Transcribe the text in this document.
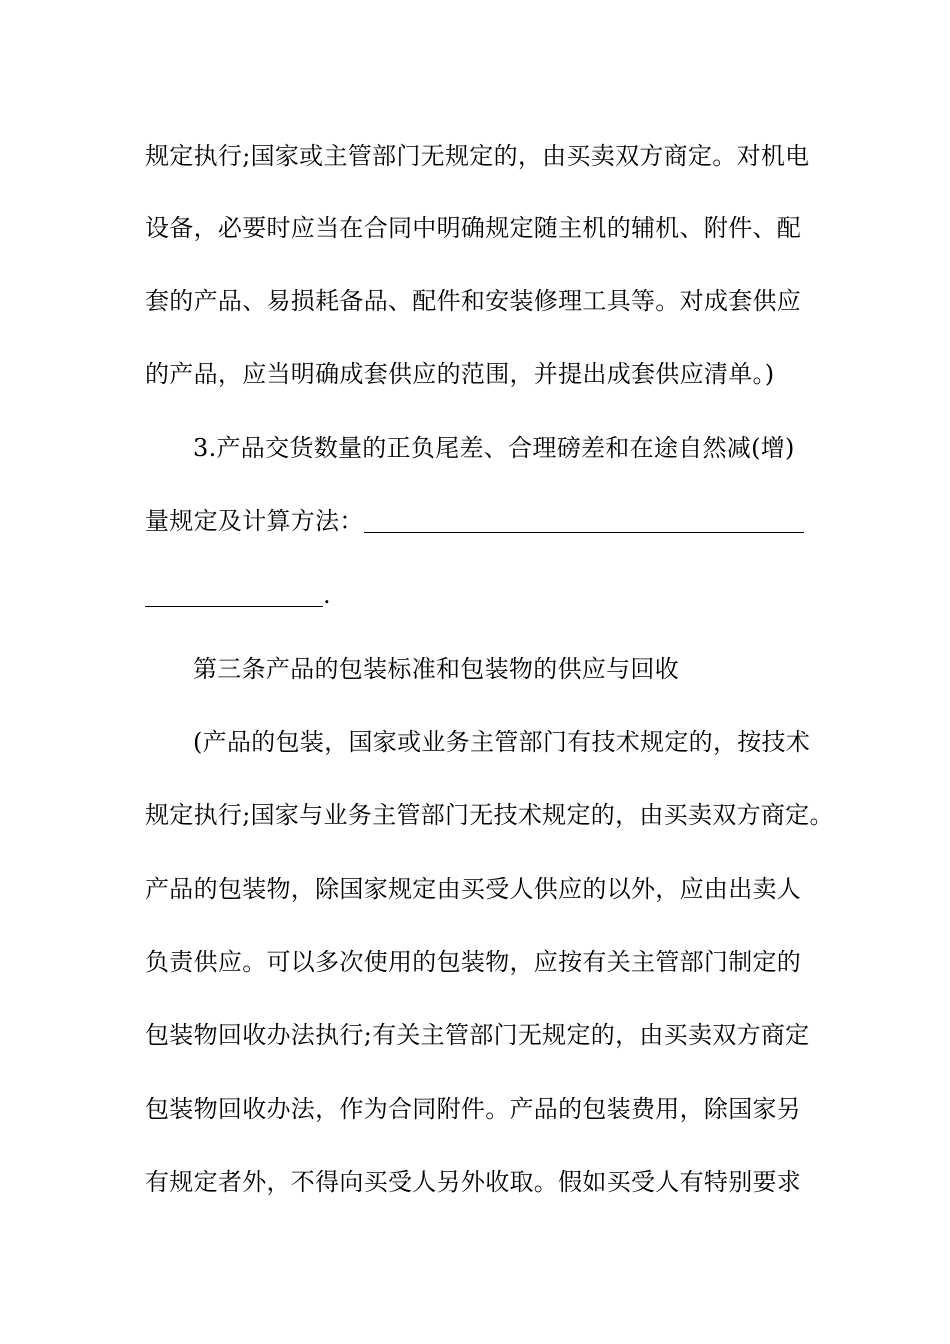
规定执行;国家或主管部门无规定的，由买卖双方商定。对机电
设备，必要时应当在合同中明确规定随主机的辅机、附件、配
套的产品、易损耗备品、配件和安装修理工具等。对成套供应
的产品，应当明确成套供应的范围，并提出成套供应清单。)
3.产品交货数量的正负尾差、合理磅差和在途自然减(增)
量规定及计算方法：
.
第三条产品的包装标准和包装物的供应与回收
(产品的包装，国家或业务主管部门有技术规定的，按技术
规定执行;国家与业务主管部门无技术规定的，由买卖双方商定。
产品的包装物，除国家规定由买受人供应的以外，应由出卖人
负责供应。可以多次使用的包装物，应按有关主管部门制定的
包装物回收办法执行;有关主管部门无规定的，由买卖双方商定
包装物回收办法，作为合同附件。产品的包装费用，除国家另
有规定者外，不得向买受人另外收取。假如买受人有特别要求
